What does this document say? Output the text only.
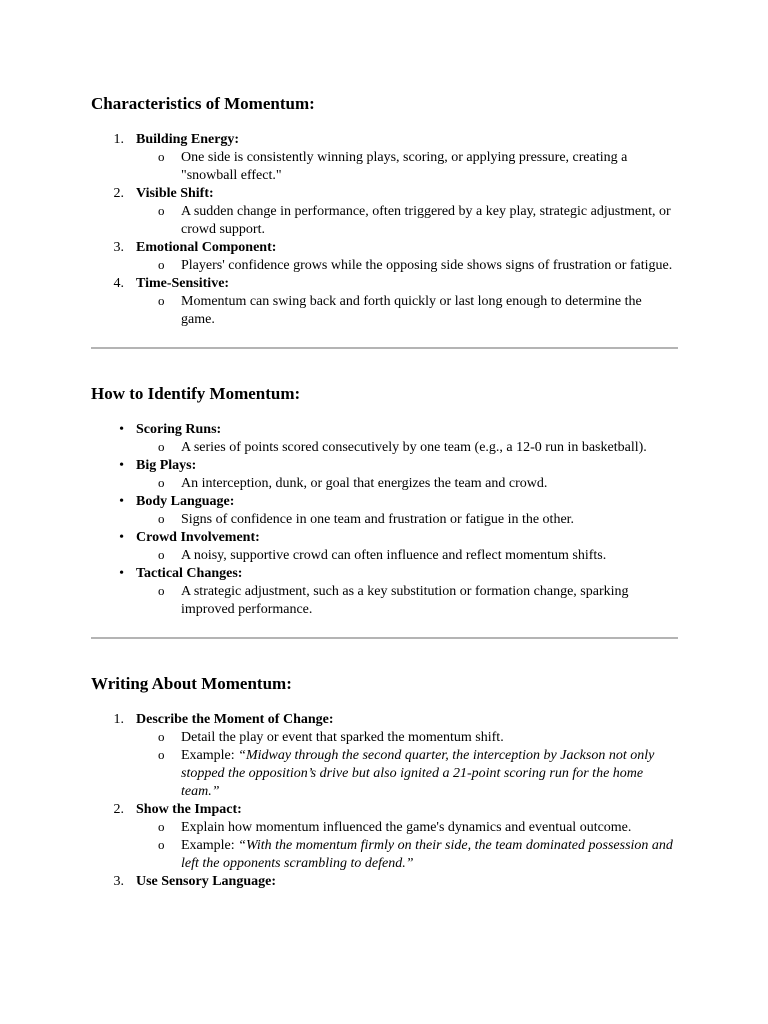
Characteristics of Momentum:
1. Building Energy:
o One side is consistently winning plays, scoring, or applying pressure, creating a "snowball effect."
2. Visible Shift:
o A sudden change in performance, often triggered by a key play, strategic adjustment, or crowd support.
3. Emotional Component:
o Players' confidence grows while the opposing side shows signs of frustration or fatigue.
4. Time-Sensitive:
o Momentum can swing back and forth quickly or last long enough to determine the game.
How to Identify Momentum:
• Scoring Runs:
o A series of points scored consecutively by one team (e.g., a 12-0 run in basketball).
• Big Plays:
o An interception, dunk, or goal that energizes the team and crowd.
• Body Language:
o Signs of confidence in one team and frustration or fatigue in the other.
• Crowd Involvement:
o A noisy, supportive crowd can often influence and reflect momentum shifts.
• Tactical Changes:
o A strategic adjustment, such as a key substitution or formation change, sparking improved performance.
Writing About Momentum:
1. Describe the Moment of Change:
o Detail the play or event that sparked the momentum shift.
o Example: “Midway through the second quarter, the interception by Jackson not only stopped the opposition’s drive but also ignited a 21-point scoring run for the home team.”
2. Show the Impact:
o Explain how momentum influenced the game's dynamics and eventual outcome.
o Example: “With the momentum firmly on their side, the team dominated possession and left the opponents scrambling to defend.”
3. Use Sensory Language:
